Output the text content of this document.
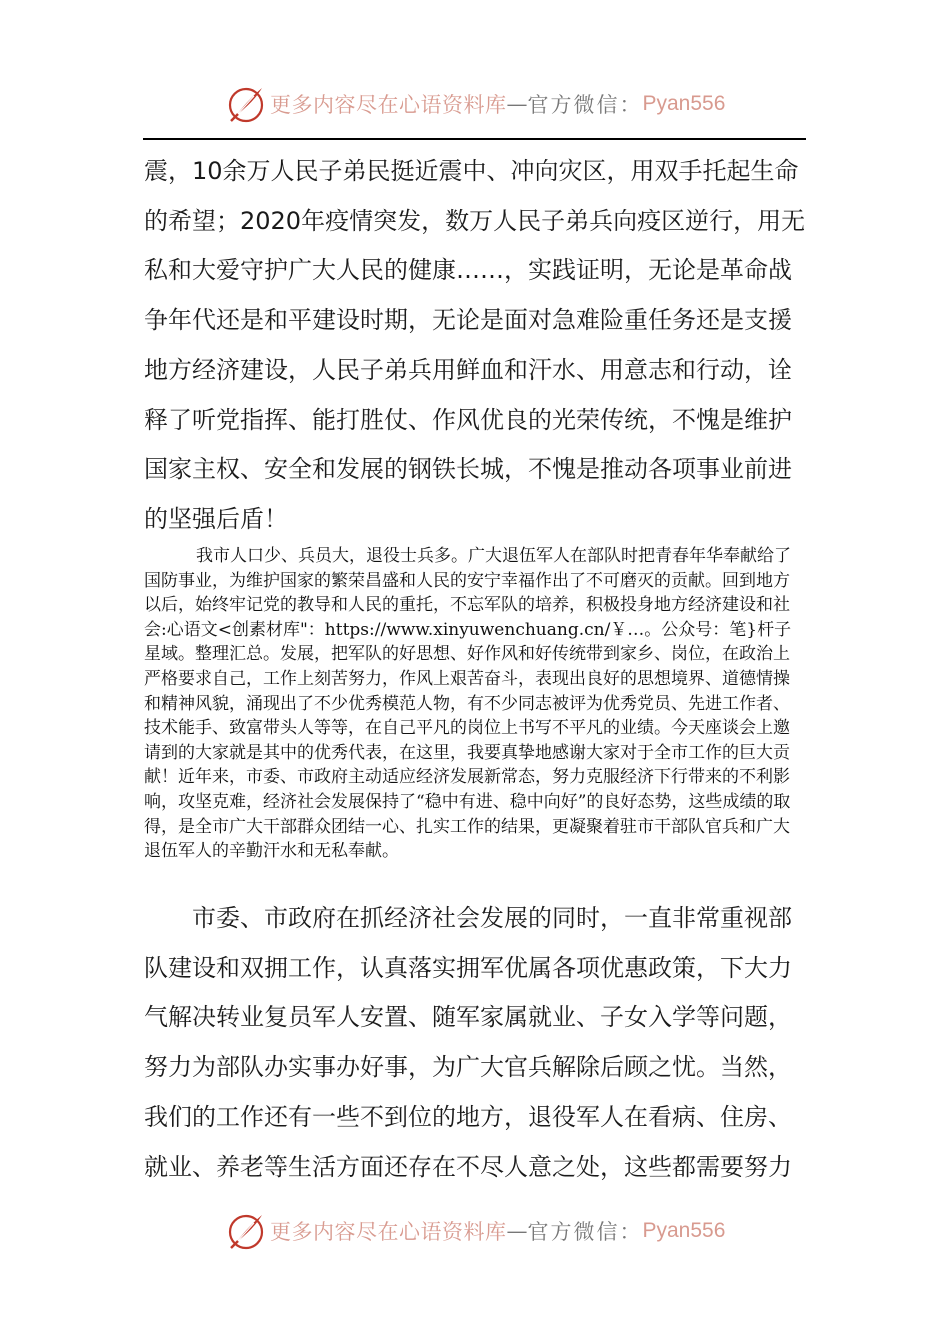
更多内容尽在心语资料库 — 官方微信： Pyan556

震，10余万人民子弟民挺近震中、冲向灾区，用双手托起生命的希望；2020年疫情突发，数万人民子弟兵向疫区逆行，用无私和大爱守护广大人民的健康……，实践证明，无论是革命战争年代还是和平建设时期，无论是面对急难险重任务还是支援地方经济建设，人民子弟兵用鲜血和汗水、用意志和行动，诠释了听党指挥、能打胜仗、作风优良的光荣传统，不愧是维护国家主权、安全和发展的钢铁长城，不愧是推动各项事业前进的坚强后盾！

我市人口少、兵员大，退役士兵多。广大退伍军人在部队时把青春年华奉献给了国防事业，为维护国家的繁荣昌盛和人民的安宁幸福作出了不可磨灭的贡献。回到地方以后，始终牢记党的教导和人民的重托，不忘军队的培养，积极投身地方经济建设和社会:心语文<创素材库"：https://www.xinyuwenchuang.cn/￥…。公众号：笔}杆子星域。整理汇总。发展，把军队的好思想、好作风和好传统带到家乡、岗位，在政治上严格要求自己，工作上刻苦努力，作风上艰苦奋斗，表现出良好的思想境界、道德情操和精神风貌，涌现出了不少优秀模范人物，有不少同志被评为优秀党员、先进工作者、技术能手、致富带头人等等，在自己平凡的岗位上书写不平凡的业绩。今天座谈会上邀请到的大家就是其中的优秀代表，在这里，我要真挚地感谢大家对于全市工作的巨大贡献！近年来，市委、市政府主动适应经济发展新常态，努力克服经济下行带来的不利影响，攻坚克难，经济社会发展保持了“稳中有进、稳中向好”的良好态势，这些成绩的取得，是全市广大干部群众团结一心、扎实工作的结果，更凝聚着驻市干部队官兵和广大退伍军人的辛勤汗水和无私奉献。

市委、市政府在抓经济社会发展的同时，一直非常重视部队建设和双拥工作，认真落实拥军优属各项优惠政策，下大力气解决转业复员军人安置、随军家属就业、子女入学等问题，努力为部队办实事办好事，为广大官兵解除后顾之忧。当然，我们的工作还有一些不到位的地方，退役军人在看病、住房、就业、养老等生活方面还存在不尽人意之处，这些都需要努力

更多内容尽在心语资料库 — 官方微信： Pyan556
